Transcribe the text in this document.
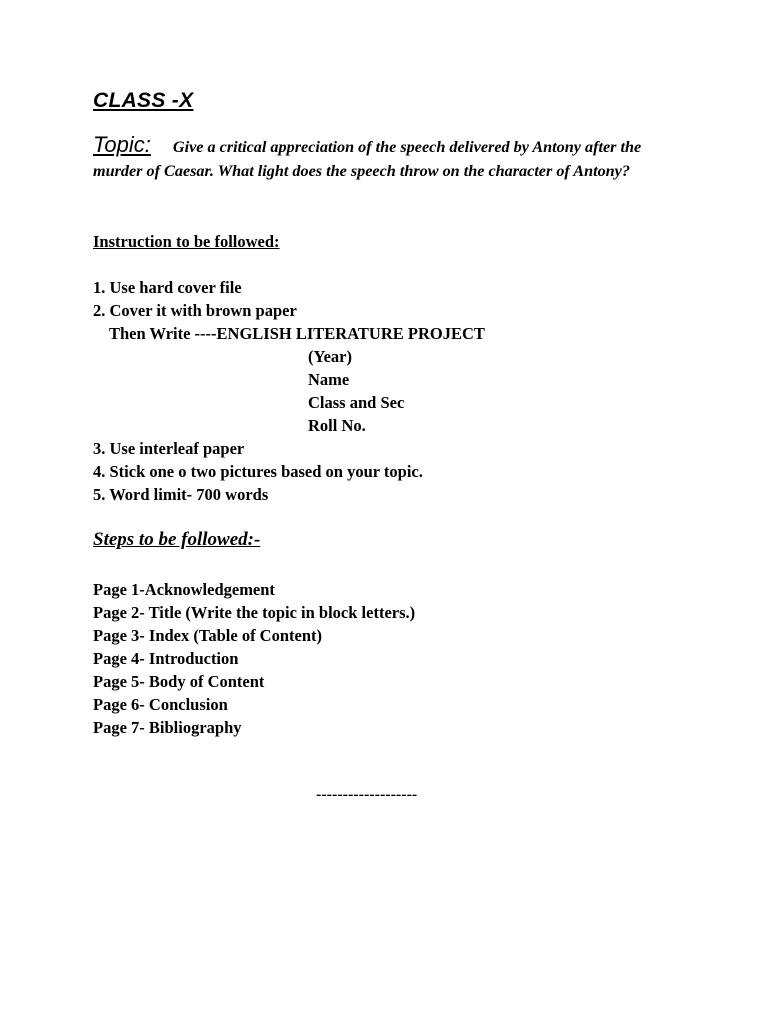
CLASS -X
Topic: Give a critical appreciation of the speech delivered by Antony after the murder of Caesar. What light does the speech throw on the character of Antony?
Instruction to be followed:
1. Use hard cover file
2. Cover it with brown paper
Then Write ----ENGLISH LITERATURE PROJECT
(Year)
Name
Class and Sec
Roll No.
3. Use interleaf paper
4. Stick one o two pictures based on your topic.
5. Word limit- 700 words
Steps to be followed:-
Page 1-Acknowledgement
Page 2- Title (Write the topic in block letters.)
Page 3- Index (Table of Content)
Page 4- Introduction
Page 5- Body of Content
Page 6- Conclusion
Page 7- Bibliography
-------------------
